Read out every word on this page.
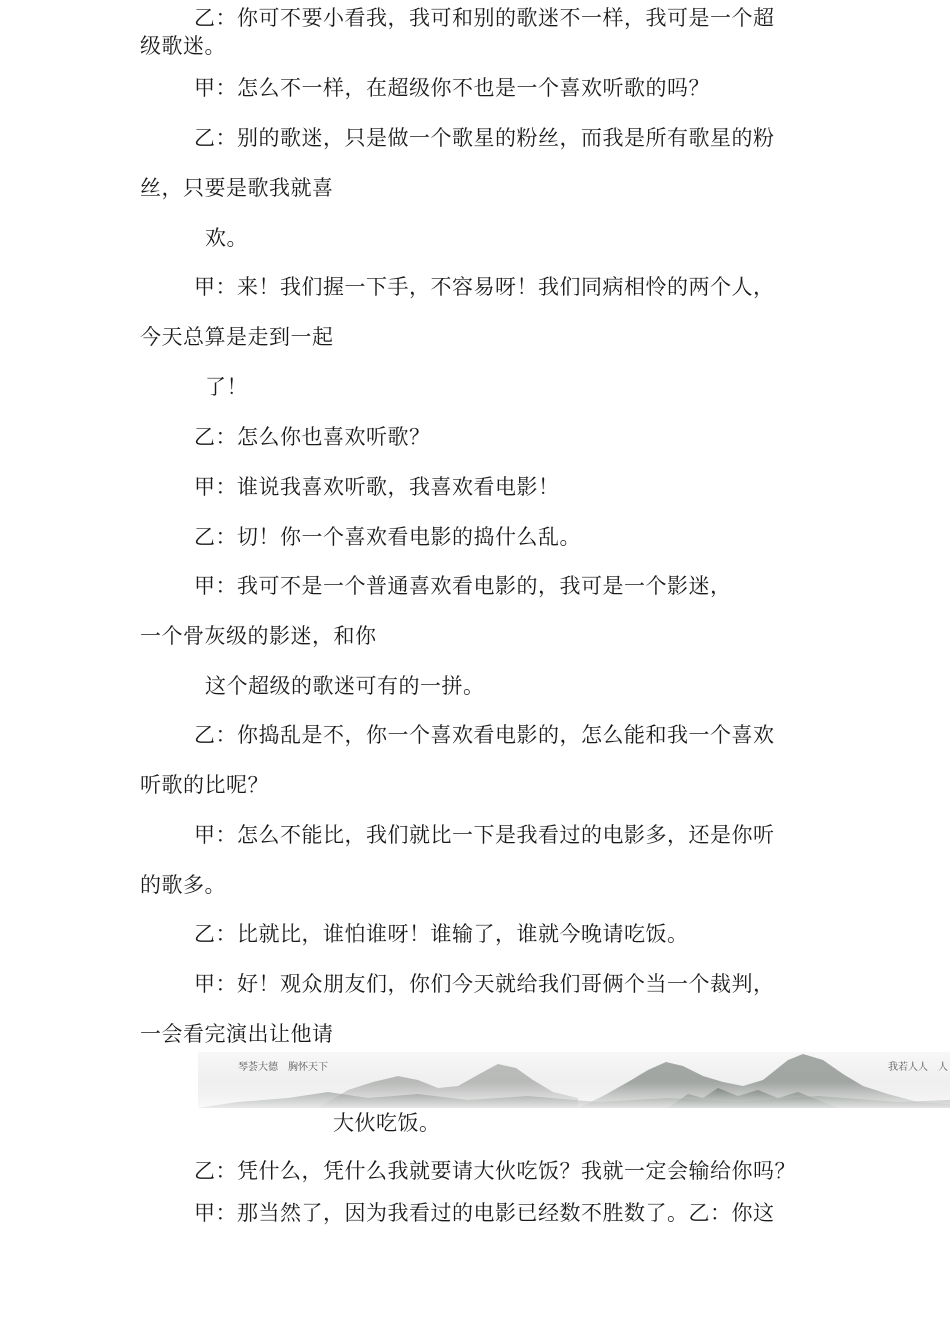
乙：你可不要小看我，我可和别的歌迷不一样，我可是一个超
级歌迷。
甲：怎么不一样，在超级你不也是一个喜欢听歌的吗？
乙：别的歌迷，只是做一个歌星的粉丝，而我是所有歌星的粉
丝，只要是歌我就喜
欢。
甲：来！我们握一下手，不容易呀！我们同病相怜的两个人，
今天总算是走到一起
了！
乙：怎么你也喜欢听歌？
甲：谁说我喜欢听歌，我喜欢看电影！
乙：切！你一个喜欢看电影的捣什么乱。
甲：我可不是一个普通喜欢看电影的，我可是一个影迷，
一个骨灰级的影迷，和你
这个超级的歌迷可有的一拼。
乙：你捣乱是不，你一个喜欢看电影的，怎么能和我一个喜欢
听歌的比呢？
甲：怎么不能比，我们就比一下是我看过的电影多，还是你听
的歌多。
乙：比就比，谁怕谁呀！谁输了，谁就今晚请吃饭。
甲：好！观众朋友们，你们今天就给我们哥俩个当一个裁判，
一会看完演出让他请
琴荟大德　胸怀天下	我若人人　人
大伙吃饭。
乙：凭什么，凭什么我就要请大伙吃饭？我就一定会输给你吗？
甲：那当然了，因为我看过的电影已经数不胜数了。乙：你这
